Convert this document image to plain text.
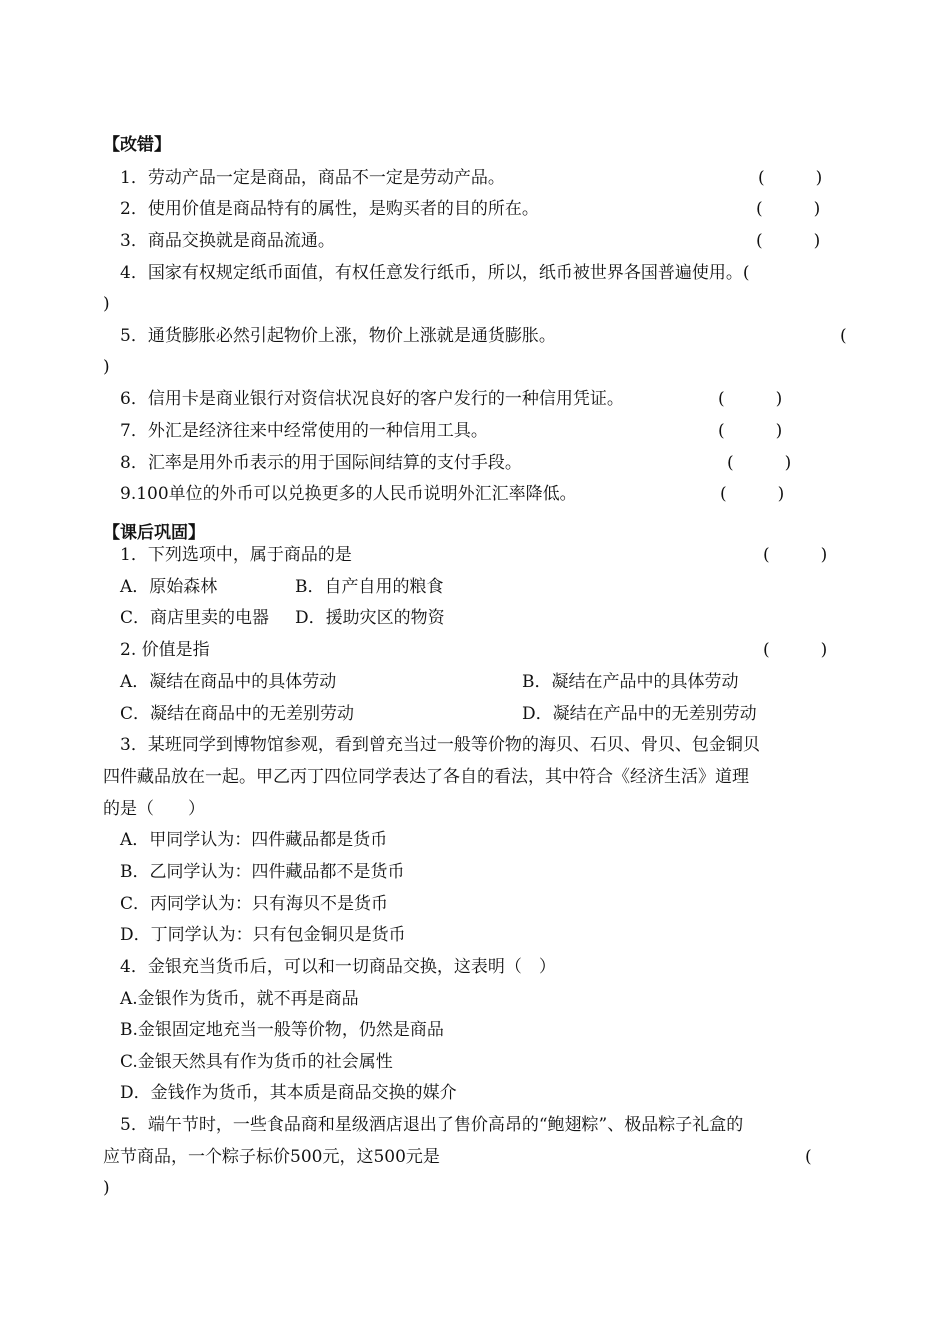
【改错】
1．劳动产品一定是商品，商品不一定是劳动产品。	(　　　)
2．使用价值是商品特有的属性，是购买者的目的所在。	(　　　)
3．商品交换就是商品流通。	(　　　)
4．国家有权规定纸币面值，有权任意发行纸币，所以，纸币被世界各国普遍使用。(
)
5．通货膨胀必然引起物价上涨，物价上涨就是通货膨胀。	(
)
6．信用卡是商业银行对资信状况良好的客户发行的一种信用凭证。	(　　　)
7．外汇是经济往来中经常使用的一种信用工具。	(　　　)
8．汇率是用外币表示的用于国际间结算的支付手段。	(　　　)
9.100单位的外币可以兑换更多的人民币说明外汇汇率降低。	(　　　)
【课后巩固】
1．下列选项中，属于商品的是	(　　　)
A．原始森林	B．自产自用的粮食
C．商店里卖的电器 D．援助灾区的物资
2. 价值是指	(　　　)
A．凝结在商品中的具体劳动	B．凝结在产品中的具体劳动
C．凝结在商品中的无差别劳动	D．凝结在产品中的无差别劳动
3．某班同学到博物馆参观，看到曾充当过一般等价物的海贝、石贝、骨贝、包金铜贝
四件藏品放在一起。甲乙丙丁四位同学表达了各自的看法，其中符合《经济生活》道理
的是（　　）
A．甲同学认为：四件藏品都是货币
B．乙同学认为：四件藏品都不是货币
C．丙同学认为：只有海贝不是货币
D．丁同学认为：只有包金铜贝是货币
4．金银充当货币后，可以和一切商品交换，这表明（　）
A.金银作为货币，就不再是商品
B.金银固定地充当一般等价物，仍然是商品
C.金银天然具有作为货币的社会属性
D．金钱作为货币，其本质是商品交换的媒介
5．端午节时，一些食品商和星级酒店退出了售价高昂的“鲍翅粽”、极品粽子礼盒的
应节商品，一个粽子标价500元，这500元是	(
)
